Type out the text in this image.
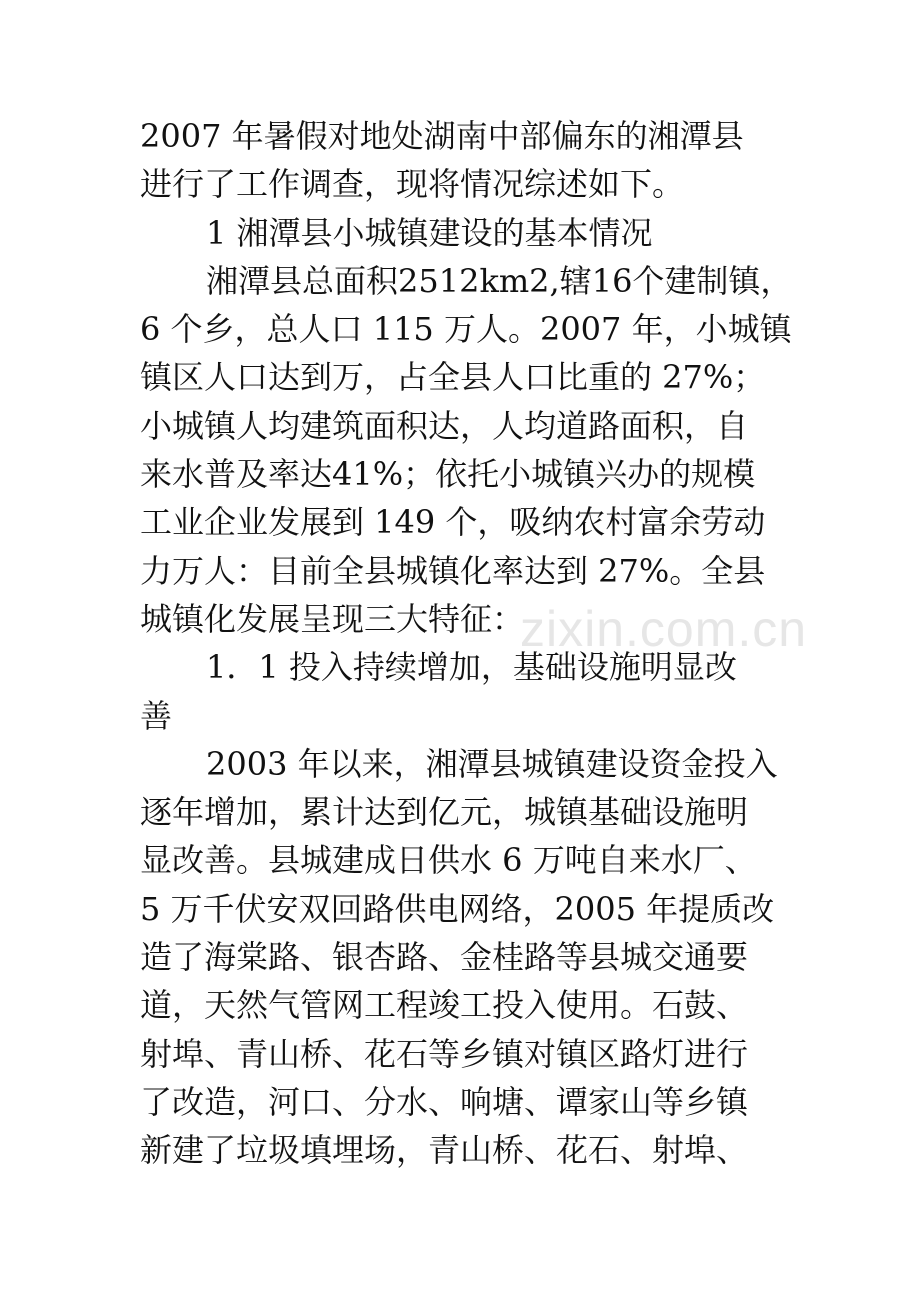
zixin.com.cn
2007 年暑假对地处湖南中部偏东的湘潭县
进行了工作调查，现将情况综述如下。
1 湘潭县小城镇建设的基本情况
湘潭县总面积2512km2,辖16个建制镇，
6 个乡，总人口 115 万人。2007 年，小城镇
镇区人口达到万，占全县人口比重的 27%；
小城镇人均建筑面积达，人均道路面积，自
来水普及率达41%；依托小城镇兴办的规模
工业企业发展到 149 个，吸纳农村富余劳动
力万人：目前全县城镇化率达到 27%。全县
城镇化发展呈现三大特征：
1．1 投入持续增加，基础设施明显改
善
2003 年以来，湘潭县城镇建设资金投入
逐年增加，累计达到亿元，城镇基础设施明
显改善。县城建成日供水 6 万吨自来水厂、
5 万千伏安双回路供电网络，2005 年提质改
造了海棠路、银杏路、金桂路等县城交通要
道，天然气管网工程竣工投入使用。石鼓、
射埠、青山桥、花石等乡镇对镇区路灯进行
了改造，河口、分水、响塘、谭家山等乡镇
新建了垃圾填埋场，青山桥、花石、射埠、
